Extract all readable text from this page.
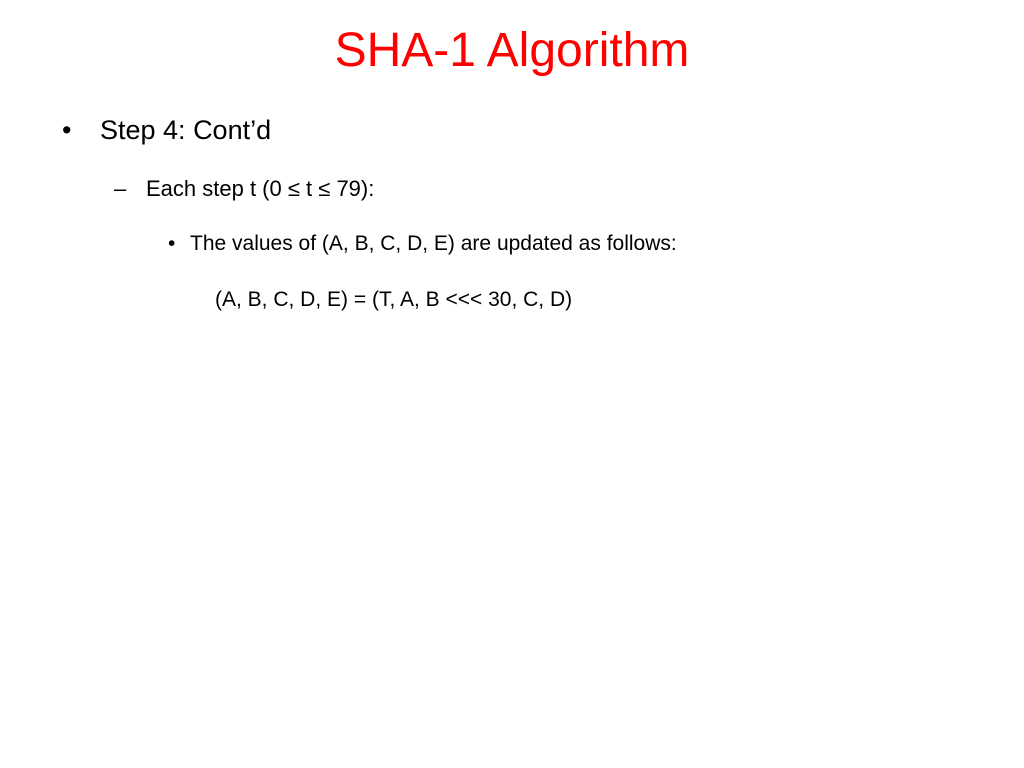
SHA-1 Algorithm
• Step 4: Cont’d
– Each step t (0 ≤ t ≤ 79):
• The values of (A, B, C, D, E) are updated as follows:
(A, B, C, D, E) = (T, A, B <<< 30, C, D)
